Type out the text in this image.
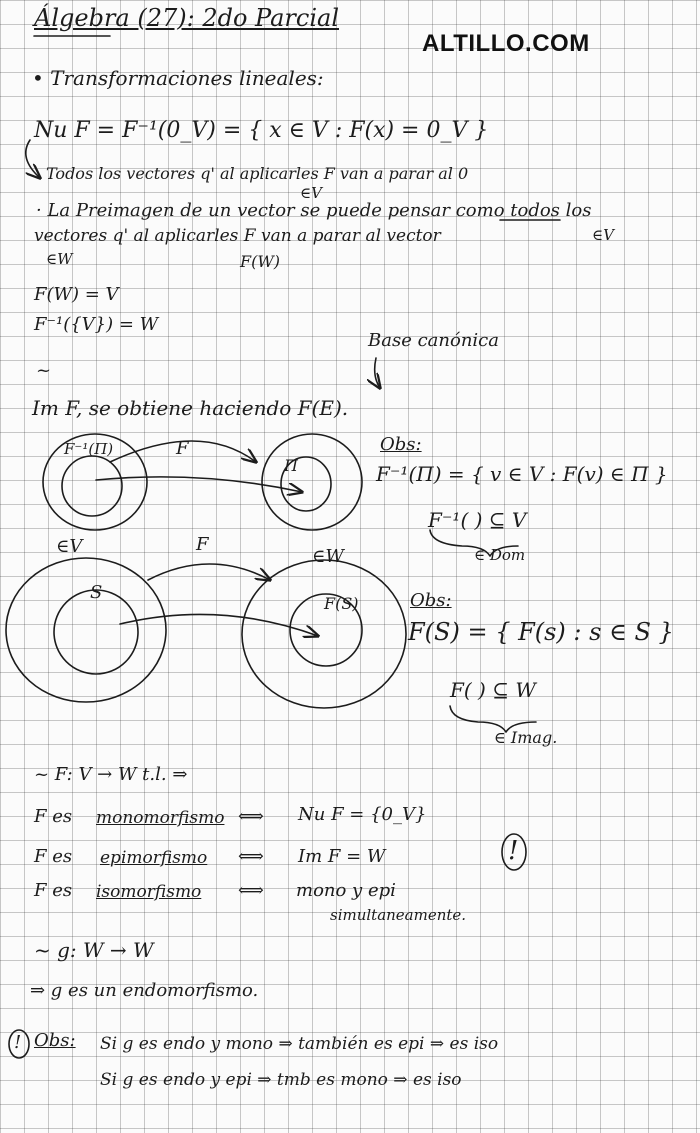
ALTILLO.COM
Álgebra (27): 2do Parcial
• Transformaciones lineales:
Nu F = F⁻¹(0_V) = { x ∈ V : F(x) = 0_V }
Todos los vectores q' al aplicarles F van a parar al 0
· La Preimagen de un vector se puede pensar como todos los
∈V
vectores q' al aplicarles F van a parar al vector	∈V
∈W	F(W)
F(W) = V
F⁻¹({V}) = W
~
Base canónica
Im F, se obtiene haciendo F(E).
F⁻¹(Π)	F
Π
Obs:
F⁻¹(Π) = { v ∈ V : F(v) ∈ Π }
F⁻¹( ) ⊆ V
∈ Dom
∈V	F
∈W
S
F(S)	Obs:
F(S) = { F(s) : s ∈ S }
F( ) ⊆ W
∈ Imag.
~ F: V → W t.l. ⇒
F es monomorfismo ⟺ Nu F = {0_V}
F es epimorfismo ⟺ Im F = W
F es isomorfismo ⟺ mono y epi
simultaneamente.
!
~ g: W → W
⇒ g es un endomorfismo.
! Obs: Si g es endo y mono ⇒ también es epi ⇒ es iso
Si g es endo y epi ⇒ tmb es mono ⇒ es iso
